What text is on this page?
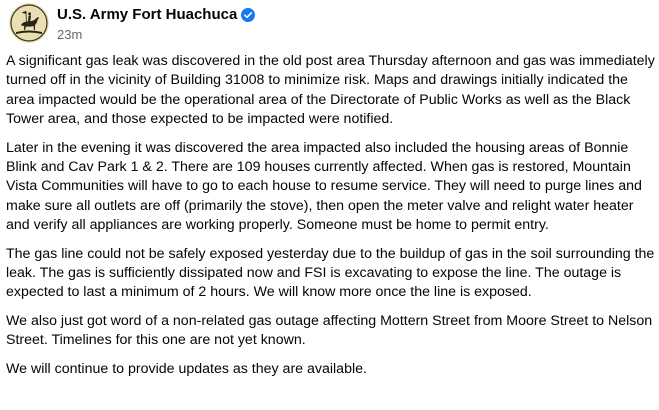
U.S. Army Fort Huachuca
23m

A significant gas leak was discovered in the old post area Thursday afternoon and gas was immediately turned off in the vicinity of Building 31008 to minimize risk. Maps and drawings initially indicated the area impacted would be the operational area of the Directorate of Public Works as well as the Black Tower area, and those expected to be impacted were notified.

Later in the evening it was discovered the area impacted also included the housing areas of Bonnie Blink and Cav Park 1 & 2. There are 109 houses currently affected. When gas is restored, Mountain Vista Communities will have to go to each house to resume service. They will need to purge lines and make sure all outlets are off (primarily the stove), then open the meter valve and relight water heater and verify all appliances are working properly. Someone must be home to permit entry.

The gas line could not be safely exposed yesterday due to the buildup of gas in the soil surrounding the leak. The gas is sufficiently dissipated now and FSI is excavating to expose the line. The outage is expected to last a minimum of 2 hours. We will know more once the line is exposed.

We also just got word of a non-related gas outage affecting Mottern Street from Moore Street to Nelson Street. Timelines for this one are not yet known.

We will continue to provide updates as they are available.
